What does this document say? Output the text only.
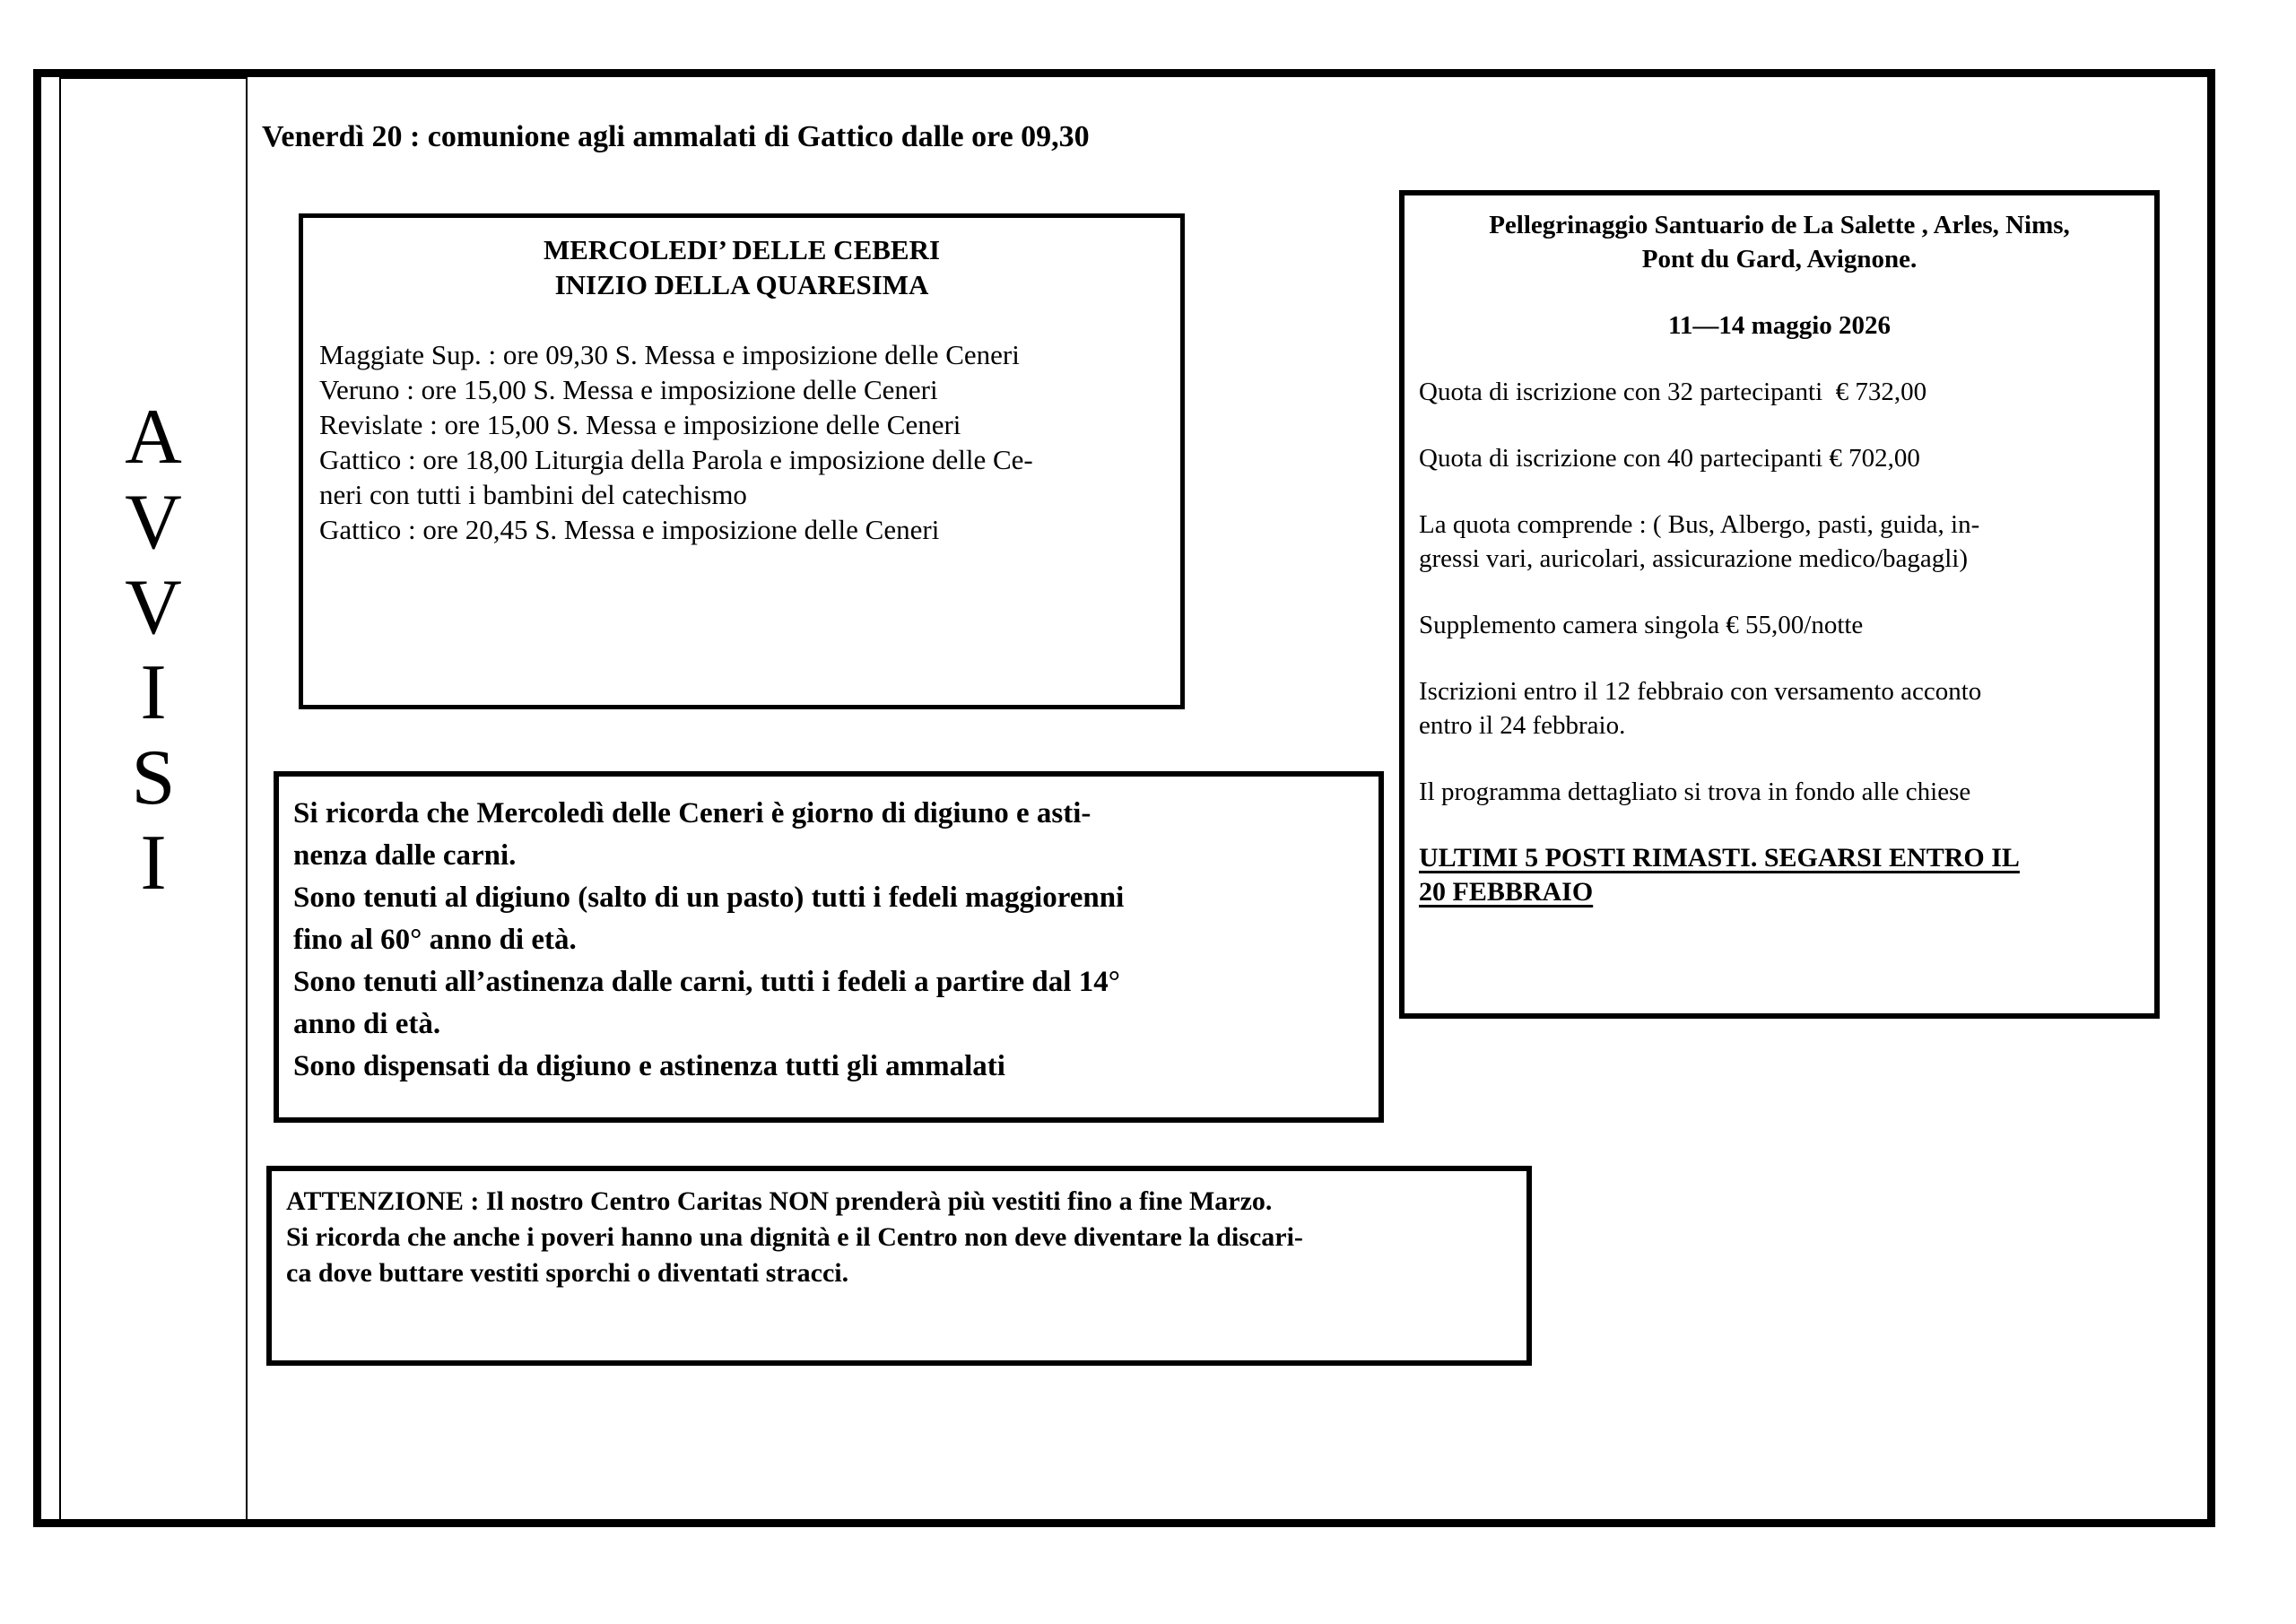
A
V
V
I
S
I
Venerdì 20 : comunione agli ammalati di Gattico dalle ore 09,30
MERCOLEDI’ DELLE CEBERI
INIZIO DELLA QUARESIMA
Maggiate Sup. : ore 09,30 S. Messa e imposizione delle Ceneri
Veruno : ore 15,00 S. Messa e imposizione delle Ceneri
Revislate : ore 15,00 S. Messa e imposizione delle Ceneri
Gattico : ore 18,00 Liturgia della Parola e imposizione delle Ce-
neri con tutti i bambini del catechismo
Gattico : ore 20,45 S. Messa e imposizione delle Ceneri
Pellegrinaggio Santuario de La Salette , Arles, Nims,
Pont du Gard, Avignone.
11—14 maggio 2026
Quota di iscrizione con 32 partecipanti  € 732,00
Quota di iscrizione con 40 partecipanti € 702,00
La quota comprende : ( Bus, Albergo, pasti, guida, in-
gressi vari, auricolari, assicurazione medico/bagagli)
Supplemento camera singola € 55,00/notte
Iscrizioni entro il 12 febbraio con versamento acconto
entro il 24 febbraio.
Il programma dettagliato si trova in fondo alle chiese
ULTIMI 5 POSTI RIMASTI. SEGARSI ENTRO IL
20 FEBBRAIO
Si ricorda che Mercoledì delle Ceneri è giorno di digiuno e asti-
nenza dalle carni.
Sono tenuti al digiuno (salto di un pasto) tutti i fedeli maggiorenni
fino al 60° anno di età.
Sono tenuti all’astinenza dalle carni, tutti i fedeli a partire dal 14°
anno di età.
Sono dispensati da digiuno e astinenza tutti gli ammalati
ATTENZIONE : Il nostro Centro Caritas NON prenderà più vestiti fino a fine Marzo.
Si ricorda che anche i poveri hanno una dignità e il Centro non deve diventare la discari-
ca dove buttare vestiti sporchi o diventati stracci.
